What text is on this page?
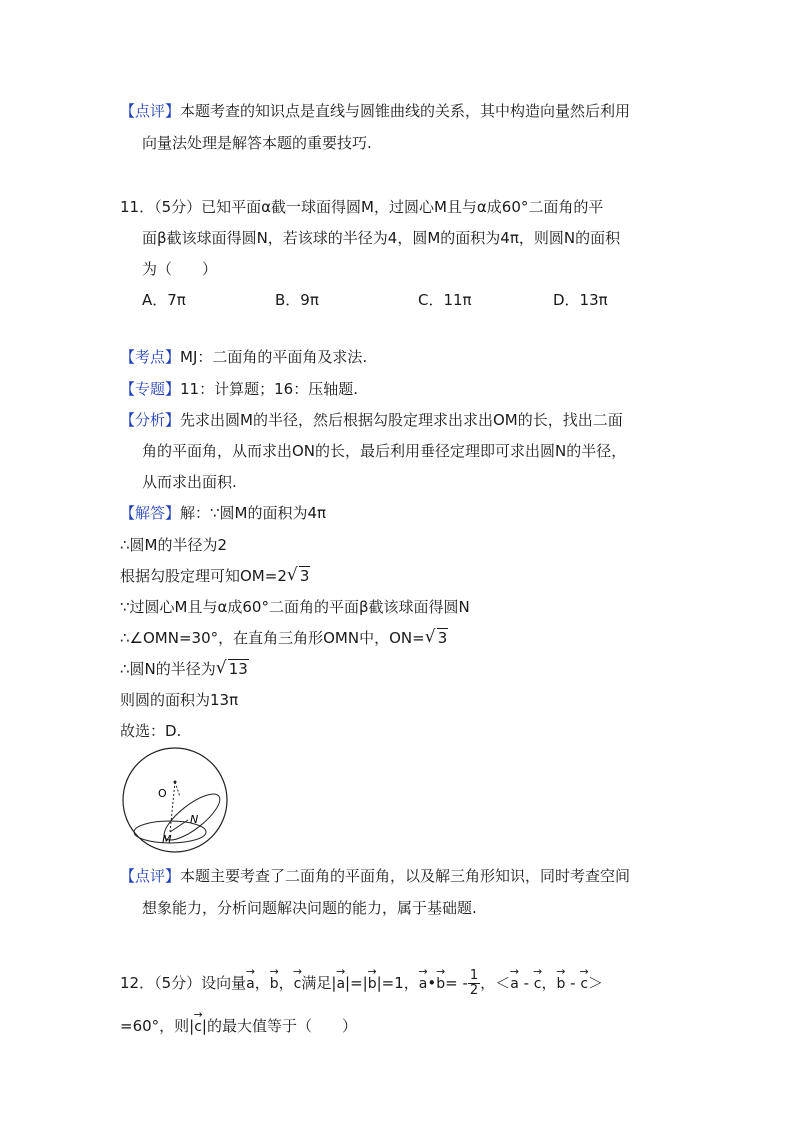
【点评】本题考查的知识点是直线与圆锥曲线的关系，其中构造向量然后利用
向量法处理是解答本题的重要技巧.
11．（5分）已知平面α截一球面得圆M，过圆心M且与α成60°二面角的平
面β截该球面得圆N，若该球的半径为4，圆M的面积为4π，则圆N的面积
为（　　）
A．7π	B．9π	C．11π	D．13π
【考点】MJ：二面角的平面角及求法.
【专题】11：计算题；16：压轴题.
【分析】先求出圆M的半径，然后根据勾股定理求出求出OM的长，找出二面
角的平面角，从而求出ON的长，最后利用垂径定理即可求出圆N的半径，
从而求出面积.
【解答】解：∵圆M的面积为4π
∴圆M的半径为2
根据勾股定理可知OM=2 √ 3
∵过圆心M且与α成60°二面角的平面β截该球面得圆N
∴∠OMN=30°，在直角三角形OMN中，ON= √ 3
∴圆N的半径为 √ 13
则圆的面积为13π
故选：D.
O
M
N
【点评】本题主要考查了二面角的平面角，以及解三角形知识，同时考查空间
想象能力，分析问题解决问题的能力，属于基础题.
12．（5分）设向量→ a，→ b，→ c满足|→ a|=|→ b|=1，→ a•→ $b= - \frac{1}{2}$ ，＜→ a - → c，→ b - → c＞
=60°，则|→ c|的最大值等于（　　）
